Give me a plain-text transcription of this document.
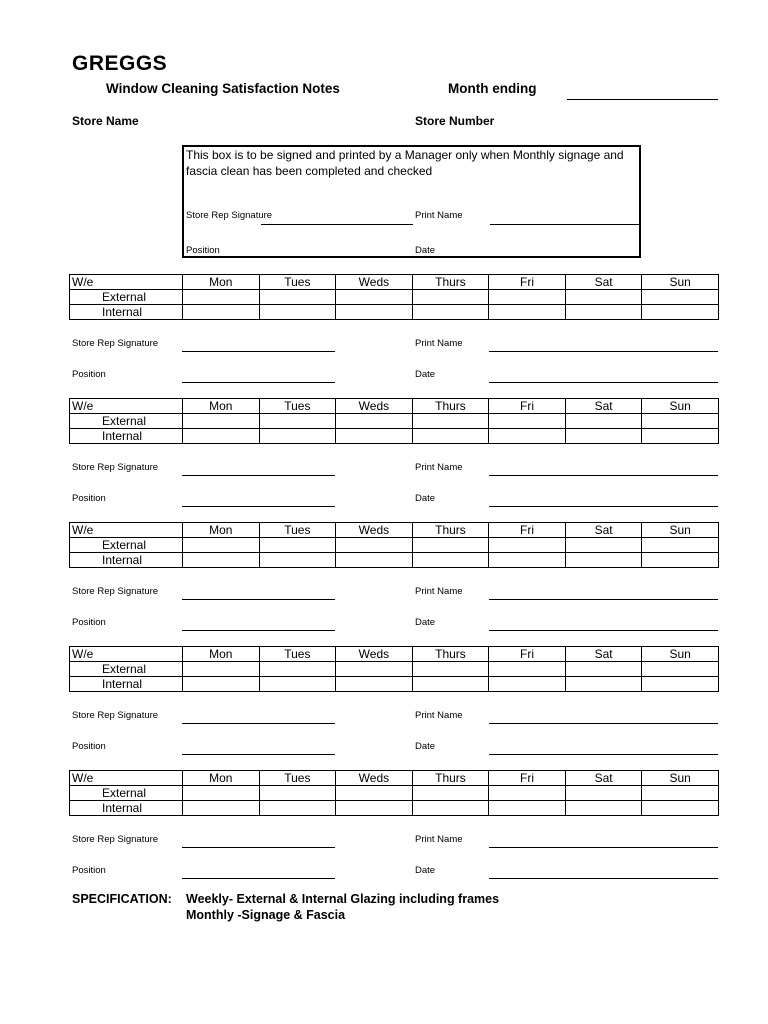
GREGGS
Window Cleaning Satisfaction Notes	Month ending
Store Name	Store Number
This box is to be signed and printed by a Manager only when Monthly signage and fascia clean has been completed and checked
Store Rep Signature	Print Name
Position	Date
W/e	Mon	Tues	Weds	Thurs	Fri	Sat	Sun
External							
Internal							
Store Rep Signature	Print Name
Position	Date
W/e	Mon	Tues	Weds	Thurs	Fri	Sat	Sun
External							
Internal							
Store Rep Signature	Print Name
Position	Date
W/e	Mon	Tues	Weds	Thurs	Fri	Sat	Sun
External							
Internal							
Store Rep Signature	Print Name
Position	Date
W/e	Mon	Tues	Weds	Thurs	Fri	Sat	Sun
External							
Internal							
Store Rep Signature	Print Name
Position	Date
W/e	Mon	Tues	Weds	Thurs	Fri	Sat	Sun
External							
Internal							
Store Rep Signature	Print Name
Position	Date
SPECIFICATION: Weekly- External & Internal Glazing including frames
Monthly -Signage & Fascia
